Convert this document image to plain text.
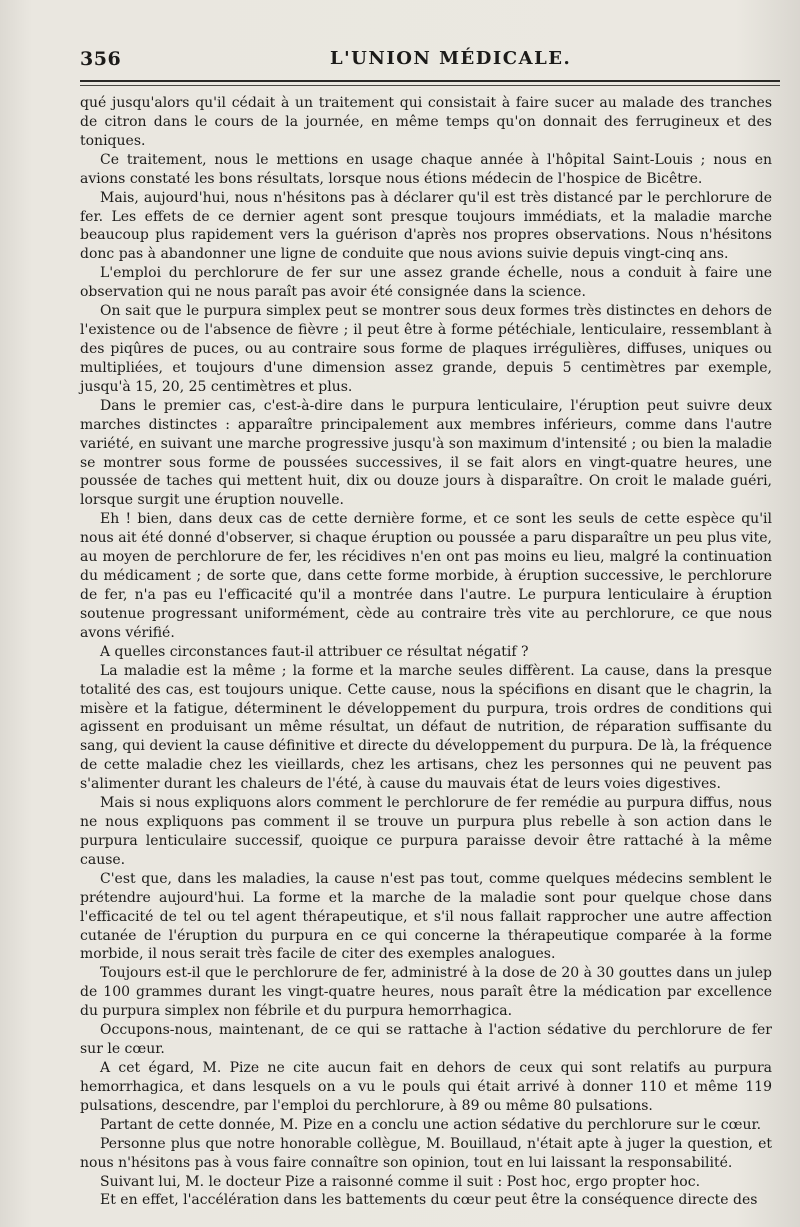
356	L'UNION MÉDICALE.

qué jusqu'alors qu'il cédait à un traitement qui consistait à faire sucer au malade des tranches de citron dans le cours de la journée, en même temps qu'on donnait des ferrugineux et des toniques.

Ce traitement, nous le mettions en usage chaque année à l'hôpital Saint-Louis ; nous en avions constaté les bons résultats, lorsque nous étions médecin de l'hospice de Bicêtre.

Mais, aujourd'hui, nous n'hésitons pas à déclarer qu'il est très distancé par le perchlorure de fer. Les effets de ce dernier agent sont presque toujours immédiats, et la maladie marche beaucoup plus rapidement vers la guérison d'après nos propres observations. Nous n'hésitons donc pas à abandonner une ligne de conduite que nous avions suivie depuis vingt-cinq ans.

L'emploi du perchlorure de fer sur une assez grande échelle, nous a conduit à faire une observation qui ne nous paraît pas avoir été consignée dans la science.

On sait que le purpura simplex peut se montrer sous deux formes très distinctes en dehors de l'existence ou de l'absence de fièvre ; il peut être à forme pétéchiale, lenticulaire, ressemblant à des piqûres de puces, ou au contraire sous forme de plaques irrégulières, diffuses, uniques ou multipliées, et toujours d'une dimension assez grande, depuis 5 centimètres par exemple, jusqu'à 15, 20, 25 centimètres et plus.

Dans le premier cas, c'est-à-dire dans le purpura lenticulaire, l'éruption peut suivre deux marches distinctes : apparaître principalement aux membres inférieurs, comme dans l'autre variété, en suivant une marche progressive jusqu'à son maximum d'intensité ; ou bien la maladie se montrer sous forme de poussées successives, il se fait alors en vingt-quatre heures, une poussée de taches qui mettent huit, dix ou douze jours à disparaître. On croit le malade guéri, lorsque surgit une éruption nouvelle.

Eh ! bien, dans deux cas de cette dernière forme, et ce sont les seuls de cette espèce qu'il nous ait été donné d'observer, si chaque éruption ou poussée a paru disparaître un peu plus vite, au moyen de perchlorure de fer, les récidives n'en ont pas moins eu lieu, malgré la continuation du médicament ; de sorte que, dans cette forme morbide, à éruption successive, le perchlorure de fer, n'a pas eu l'efficacité qu'il a montrée dans l'autre. Le purpura lenticulaire à éruption soutenue progressant uniformément, cède au contraire très vite au perchlorure, ce que nous avons vérifié.

A quelles circonstances faut-il attribuer ce résultat négatif ?

La maladie est la même ; la forme et la marche seules diffèrent. La cause, dans la presque totalité des cas, est toujours unique. Cette cause, nous la spécifions en disant que le chagrin, la misère et la fatigue, déterminent le développement du purpura, trois ordres de conditions qui agissent en produisant un même résultat, un défaut de nutrition, de réparation suffisante du sang, qui devient la cause définitive et directe du développement du purpura. De là, la fréquence de cette maladie chez les vieillards, chez les artisans, chez les personnes qui ne peuvent pas s'alimenter durant les chaleurs de l'été, à cause du mauvais état de leurs voies digestives.

Mais si nous expliquons alors comment le perchlorure de fer remédie au purpura diffus, nous ne nous expliquons pas comment il se trouve un purpura plus rebelle à son action dans le purpura lenticulaire successif, quoique ce purpura paraisse devoir être rattaché à la même cause.

C'est que, dans les maladies, la cause n'est pas tout, comme quelques médecins semblent le prétendre aujourd'hui. La forme et la marche de la maladie sont pour quelque chose dans l'efficacité de tel ou tel agent thérapeutique, et s'il nous fallait rapprocher une autre affection cutanée de l'éruption du purpura en ce qui concerne la thérapeutique comparée à la forme morbide, il nous serait très facile de citer des exemples analogues.

Toujours est-il que le perchlorure de fer, administré à la dose de 20 à 30 gouttes dans un julep de 100 grammes durant les vingt-quatre heures, nous paraît être la médication par excellence du purpura simplex non fébrile et du purpura hemorrhagica.

Occupons-nous, maintenant, de ce qui se rattache à l'action sédative du perchlorure de fer sur le cœur.

A cet égard, M. Pize ne cite aucun fait en dehors de ceux qui sont relatifs au purpura hemorrhagica, et dans lesquels on a vu le pouls qui était arrivé à donner 110 et même 119 pulsations, descendre, par l'emploi du perchlorure, à 89 ou même 80 pulsations.

Partant de cette donnée, M. Pize en a conclu une action sédative du perchlorure sur le cœur.

Personne plus que notre honorable collègue, M. Bouillaud, n'était apte à juger la question, et nous n'hésitons pas à vous faire connaître son opinion, tout en lui laissant la responsabilité.

Suivant lui, M. le docteur Pize a raisonné comme il suit : Post hoc, ergo propter hoc.

Et en effet, l'accélération dans les battements du cœur peut être la conséquence directe des
